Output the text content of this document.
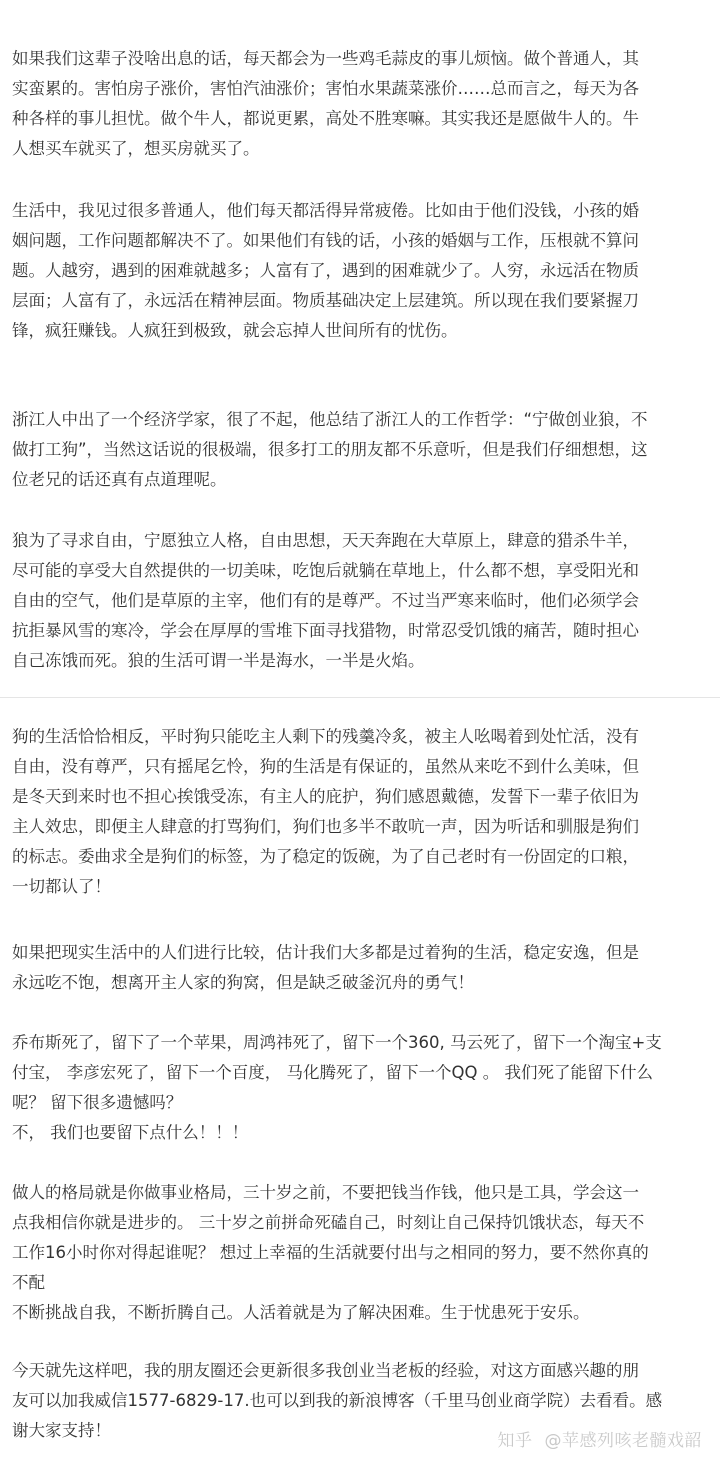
如果我们这辈子没啥出息的话，每天都会为一些鸡毛蒜皮的事儿烦恼。做个普通人，其
实蛮累的。害怕房子涨价，害怕汽油涨价；害怕水果蔬菜涨价……总而言之，每天为各
种各样的事儿担忧。做个牛人，都说更累，高处不胜寒嘛。其实我还是愿做牛人的。牛
人想买车就买了，想买房就买了。

生活中，我见过很多普通人，他们每天都活得异常疲倦。比如由于他们没钱，小孩的婚
姻问题，工作问题都解决不了。如果他们有钱的话，小孩的婚姻与工作，压根就不算问
题。人越穷，遇到的困难就越多；人富有了，遇到的困难就少了。人穷，永远活在物质
层面；人富有了，永远活在精神层面。物质基础决定上层建筑。所以现在我们要紧握刀
锋，疯狂赚钱。人疯狂到极致，就会忘掉人世间所有的忧伤。

浙江人中出了一个经济学家，很了不起，他总结了浙江人的工作哲学：“宁做创业狼，不
做打工狗”，当然这话说的很极端，很多打工的朋友都不乐意听，但是我们仔细想想，这
位老兄的话还真有点道理呢。

狼为了寻求自由，宁愿独立人格，自由思想，天天奔跑在大草原上，肆意的猎杀牛羊，
尽可能的享受大自然提供的一切美味，吃饱后就躺在草地上，什么都不想，享受阳光和
自由的空气，他们是草原的主宰，他们有的是尊严。不过当严寒来临时，他们必须学会
抗拒暴风雪的寒冷，学会在厚厚的雪堆下面寻找猎物，时常忍受饥饿的痛苦，随时担心
自己冻饿而死。狼的生活可谓一半是海水，一半是火焰。

狗的生活恰恰相反，平时狗只能吃主人剩下的残羹冷炙，被主人吆喝着到处忙活，没有
自由，没有尊严，只有摇尾乞怜，狗的生活是有保证的，虽然从来吃不到什么美味，但
是冬天到来时也不担心挨饿受冻，有主人的庇护，狗们感恩戴德，发誓下一辈子依旧为
主人效忠，即便主人肆意的打骂狗们，狗们也多半不敢吭一声，因为听话和驯服是狗们
的标志。委曲求全是狗们的标签，为了稳定的饭碗，为了自己老时有一份固定的口粮，
一切都认了！

如果把现实生活中的人们进行比较，估计我们大多都是过着狗的生活，稳定安逸，但是
永远吃不饱，想离开主人家的狗窝，但是缺乏破釜沉舟的勇气！

乔布斯死了，留下了一个苹果，周鸿祎死了，留下一个360, 马云死了，留下一个淘宝+支
付宝， 李彦宏死了，留下一个百度， 马化腾死了，留下一个QQ 。 我们死了能留下什么
呢？ 留下很多遗憾吗？
不， 我们也要留下点什么！！！

做人的格局就是你做事业格局，三十岁之前，不要把钱当作钱，他只是工具，学会这一
点我相信你就是进步的。 三十岁之前拼命死磕自己，时刻让自己保持饥饿状态，每天不
工作16小时你对得起谁呢？ 想过上幸福的生活就要付出与之相同的努力，要不然你真的
不配
不断挑战自我，不断折腾自己。人活着就是为了解决困难。生于忧患死于安乐。

今天就先这样吧，我的朋友圈还会更新很多我创业当老板的经验，对这方面感兴趣的朋
友可以加我威信1577-6829-17.也可以到我的新浪博客（千里马创业商学院）去看看。感
谢大家支持！

知乎 @苹感列咳老髓戏韶
